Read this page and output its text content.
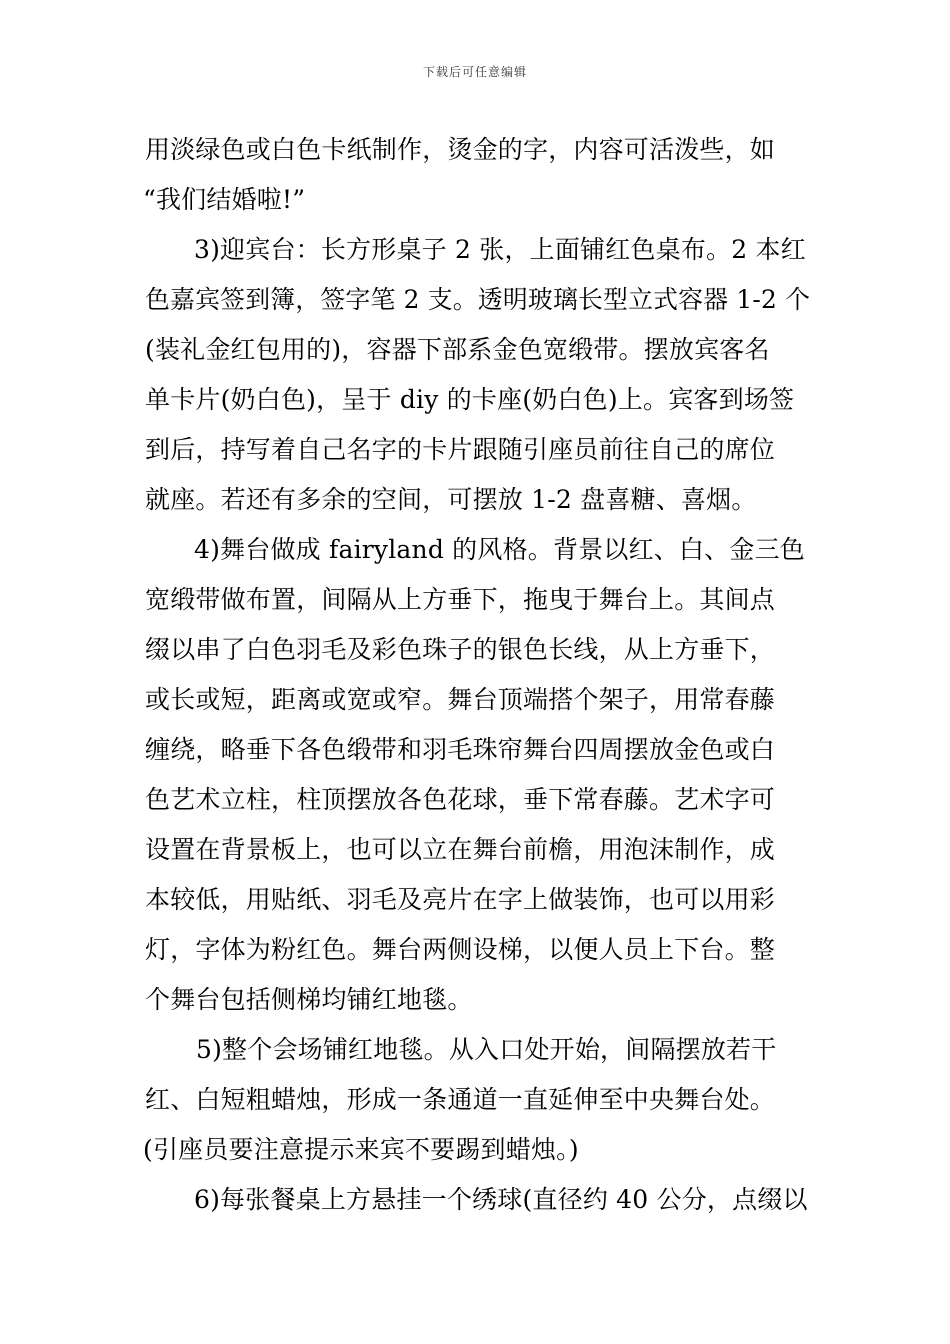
下载后可任意编辑
用淡绿色或白色卡纸制作，烫金的字，内容可活泼些，如
“我们结婚啦!”
3)迎宾台：长方形桌子 2 张，上面铺红色桌布。2 本红
色嘉宾签到簿，签字笔 2 支。透明玻璃长型立式容器 1-2 个
(装礼金红包用的)，容器下部系金色宽缎带。摆放宾客名
单卡片(奶白色)，呈于 diy 的卡座(奶白色)上。宾客到场签
到后，持写着自己名字的卡片跟随引座员前往自己的席位
就座。若还有多余的空间，可摆放 1-2 盘喜糖、喜烟。
4)舞台做成 fairyland 的风格。背景以红、白、金三色
宽缎带做布置，间隔从上方垂下，拖曳于舞台上。其间点
缀以串了白色羽毛及彩色珠子的银色长线，从上方垂下，
或长或短，距离或宽或窄。舞台顶端搭个架子，用常春藤
缠绕，略垂下各色缎带和羽毛珠帘舞台四周摆放金色或白
色艺术立柱，柱顶摆放各色花球，垂下常春藤。艺术字可
设置在背景板上，也可以立在舞台前檐，用泡沫制作，成
本较低，用贴纸、羽毛及亮片在字上做装饰，也可以用彩
灯，字体为粉红色。舞台两侧设梯，以便人员上下台。整
个舞台包括侧梯均铺红地毯。
5)整个会场铺红地毯。从入口处开始，间隔摆放若干
红、白短粗蜡烛，形成一条通道一直延伸至中央舞台处。
(引座员要注意提示来宾不要踢到蜡烛。)
6)每张餐桌上方悬挂一个绣球(直径约 40 公分，点缀以
